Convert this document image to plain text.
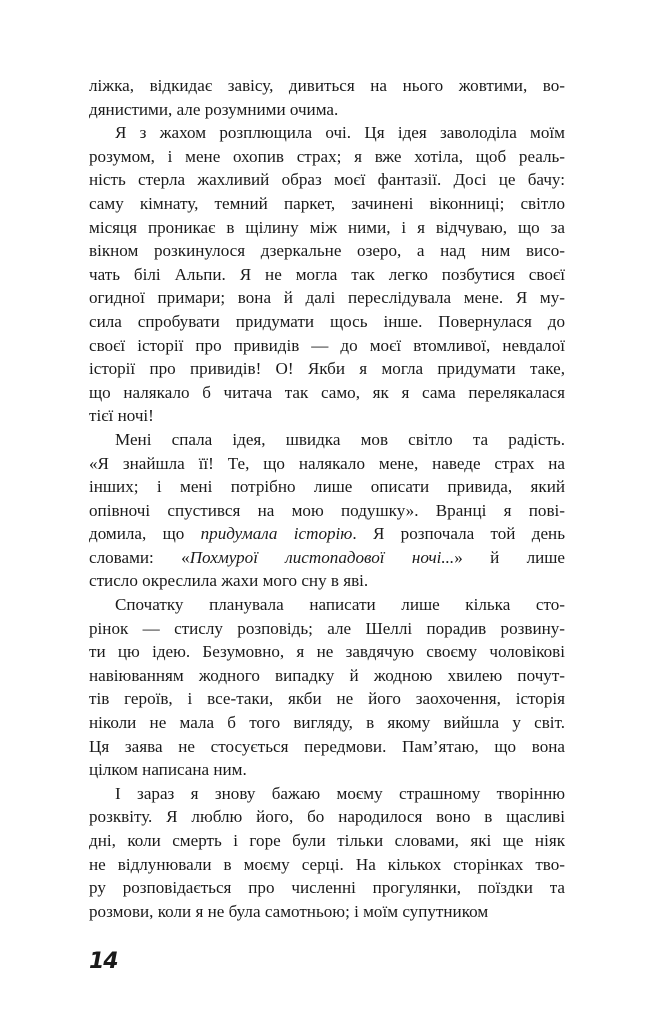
ліжка, відкидає завісу, дивиться на нього жовтими, во-
дянистими, але розумними очима.
Я з жахом розплющила очі. Ця ідея заволоділа моїм
розумом, і мене охопив страх; я вже хотіла, щоб реаль-
ність стерла жахливий образ моєї фантазії. Досі це бачу:
саму кімнату, темний паркет, зачинені віконниці; світло
місяця проникає в щілину між ними, і я відчуваю, що за
вікном розкинулося дзеркальне озеро, а над ним висо-
чать білі Альпи. Я не могла так легко позбутися своєї
огидної примари; вона й далі переслідувала мене. Я му-
сила спробувати придумати щось інше. Повернулася до
своєї історії про привидів — до моєї втомливої, невдалої
історії про привидів! О! Якби я могла придумати таке,
що налякало б читача так само, як я сама перелякалася
тієї ночі!
Мені спала ідея, швидка мов світло та радість.
«Я знайшла її! Те, що налякало мене, наведе страх на
інших; і мені потрібно лише описати привида, який
опівночі спустився на мою подушку». Вранці я пові-
домила, що придумала історію. Я розпочала той день
словами: «Похмурої листопадової ночі...» й лише
стисло окреслила жахи мого сну в яві.
Спочатку планувала написати лише кілька сто-
рінок — стислу розповідь; але Шеллі порадив розвину-
ти цю ідею. Безумовно, я не завдячую своєму чоловікові
навіюванням жодного випадку й жодною хвилею почут-
тів героїв, і все-таки, якби не його заохочення, історія
ніколи не мала б того вигляду, в якому вийшла у світ.
Ця заява не стосується передмови. Пам’ятаю, що вона
цілком написана ним.
І зараз я знову бажаю моєму страшному творінню
розквіту. Я люблю його, бо народилося воно в щасливі
дні, коли смерть і горе були тільки словами, які ще ніяк
не відлунювали в моєму серці. На кількох сторінках тво-
ру розповідається про численні прогулянки, поїздки та
розмови, коли я не була самотньою; і моїм супутником
14
